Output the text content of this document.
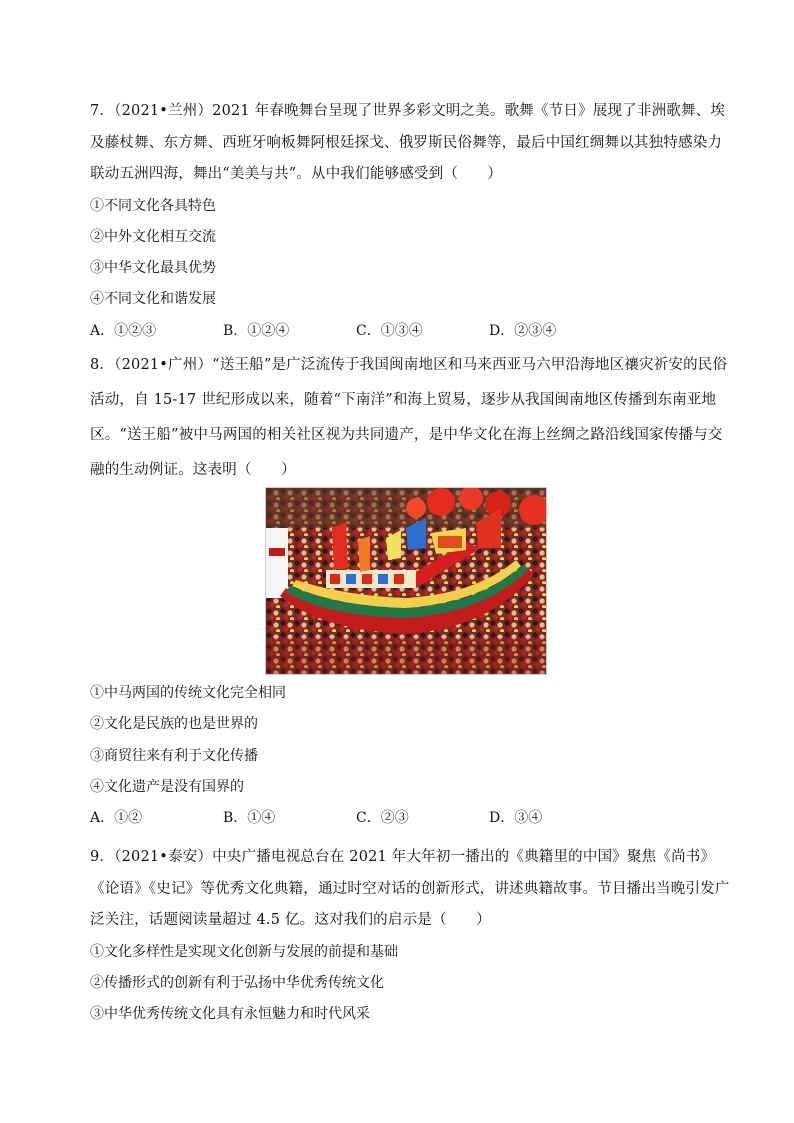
7．（2021•兰州）2021 年春晚舞台呈现了世界多彩文明之美。歌舞《节日》展现了非洲歌舞、埃及藤杖舞、东方舞、西班牙响板舞阿根廷探戈、俄罗斯民俗舞等，最后中国红绸舞以其独特感染力联动五洲四海，舞出“美美与共”。从中我们能够感受到（　　）

①不同文化各具特色

②中外文化相互交流

③中华文化最具优势

④不同文化和谐发展

A．①②③	B．①②④	C．①③④	D．②③④

8．（2021•广州）“送王船”是广泛流传于我国闽南地区和马来西亚马六甲沿海地区禳灾祈安的民俗活动，自 15-17 世纪形成以来，随着“下南洋”和海上贸易，逐步从我国闽南地区传播到东南亚地区。“送王船”被中马两国的相关社区视为共同遗产，是中华文化在海上丝绸之路沿线国家传播与交融的生动例证。这表明（　　）

①中马两国的传统文化完全相同

②文化是民族的也是世界的

③商贸往来有利于文化传播

④文化遗产是没有国界的

A．①②	B．①④	C．②③	D．③④

9．（2021•泰安）中央广播电视总台在 2021 年大年初一播出的《典籍里的中国》聚焦《尚书》《论语》《史记》等优秀文化典籍，通过时空对话的创新形式，讲述典籍故事。节目播出当晚引发广泛关注，话题阅读量超过 4.5 亿。这对我们的启示是（　　）

①文化多样性是实现文化创新与发展的前提和基础

②传播形式的创新有利于弘扬中华优秀传统文化

③中华优秀传统文化具有永恒魅力和时代风采
